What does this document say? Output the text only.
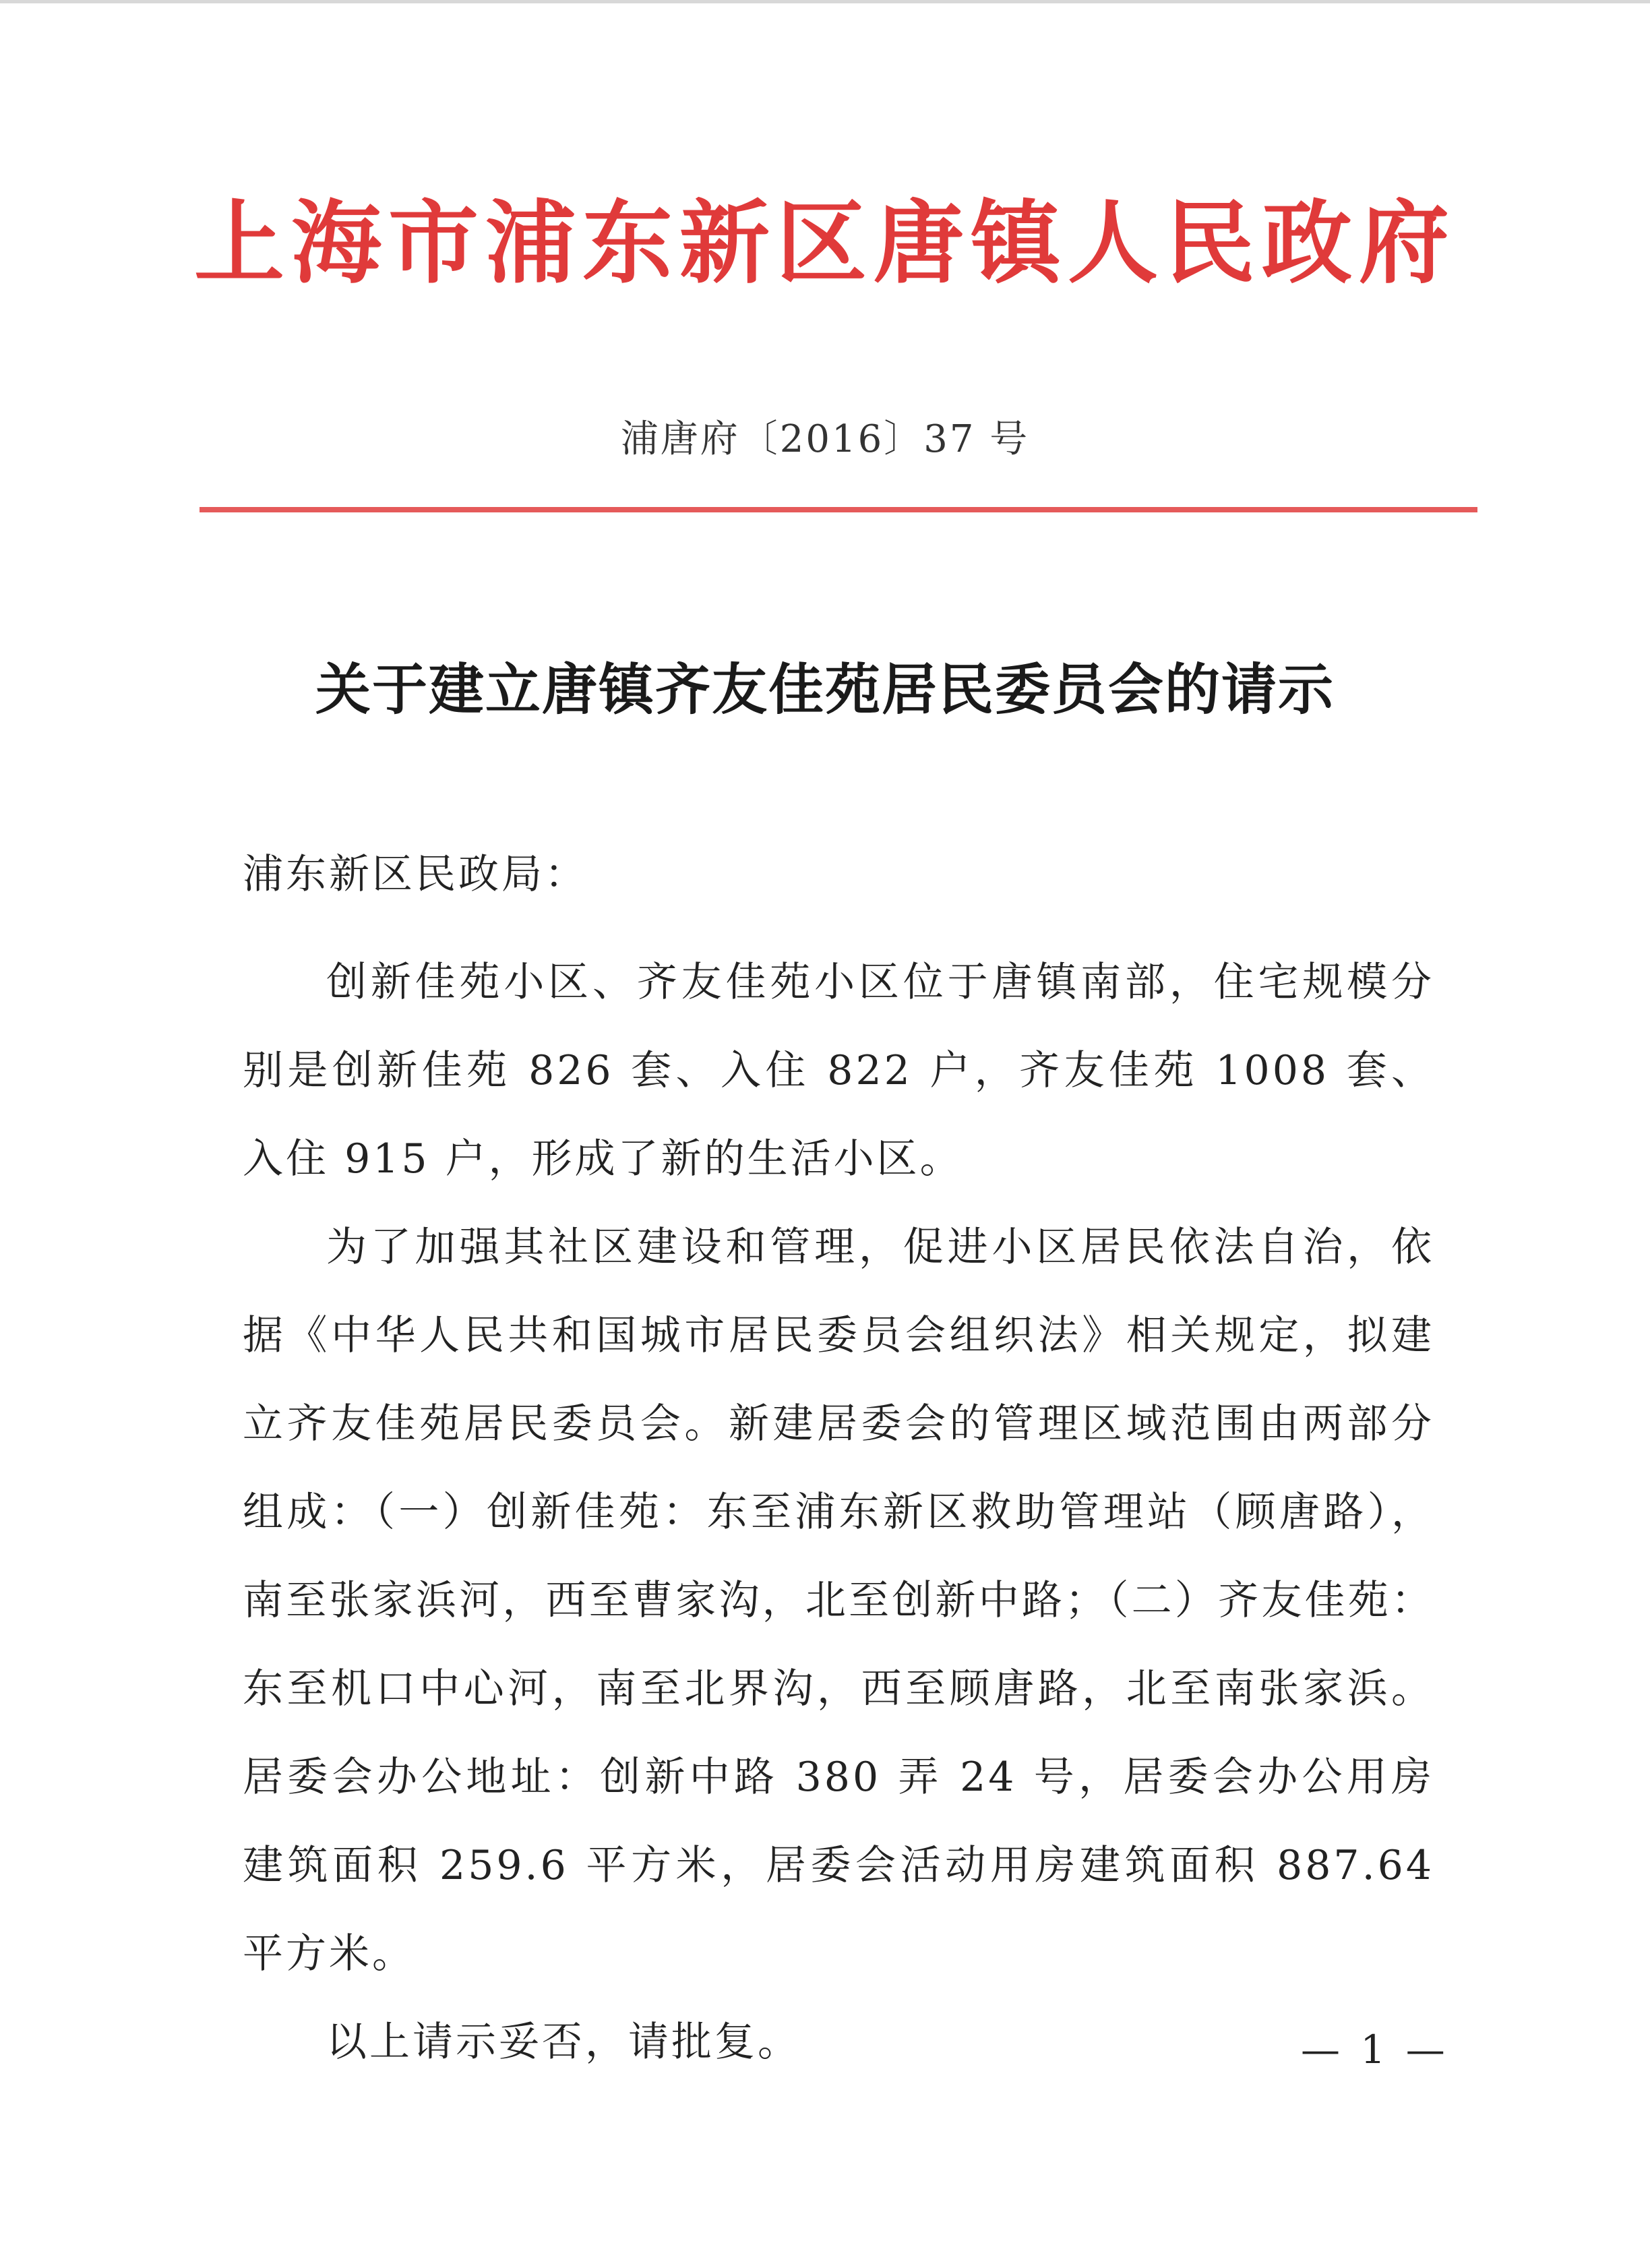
上海市浦东新区唐镇人民政府
浦唐府〔2016〕37 号
关于建立唐镇齐友佳苑居民委员会的请示
浦东新区民政局：

创新佳苑小区、齐友佳苑小区位于唐镇南部，住宅规模分别是创新佳苑 826 套、入住 822 户，齐友佳苑 1008 套、入住 915 户，形成了新的生活小区。

为了加强其社区建设和管理，促进小区居民依法自治，依据《中华人民共和国城市居民委员会组织法》相关规定，拟建立齐友佳苑居民委员会。新建居委会的管理区域范围由两部分组成：（一）创新佳苑：东至浦东新区救助管理站（顾唐路），南至张家浜河，西至曹家沟，北至创新中路；（二）齐友佳苑：东至机口中心河，南至北界沟，西至顾唐路，北至南张家浜。居委会办公地址：创新中路 380 弄 24 号，居委会办公用房建筑面积 259.6 平方米，居委会活动用房建筑面积 887.64 平方米。

以上请示妥否，请批复。	— 1 —
